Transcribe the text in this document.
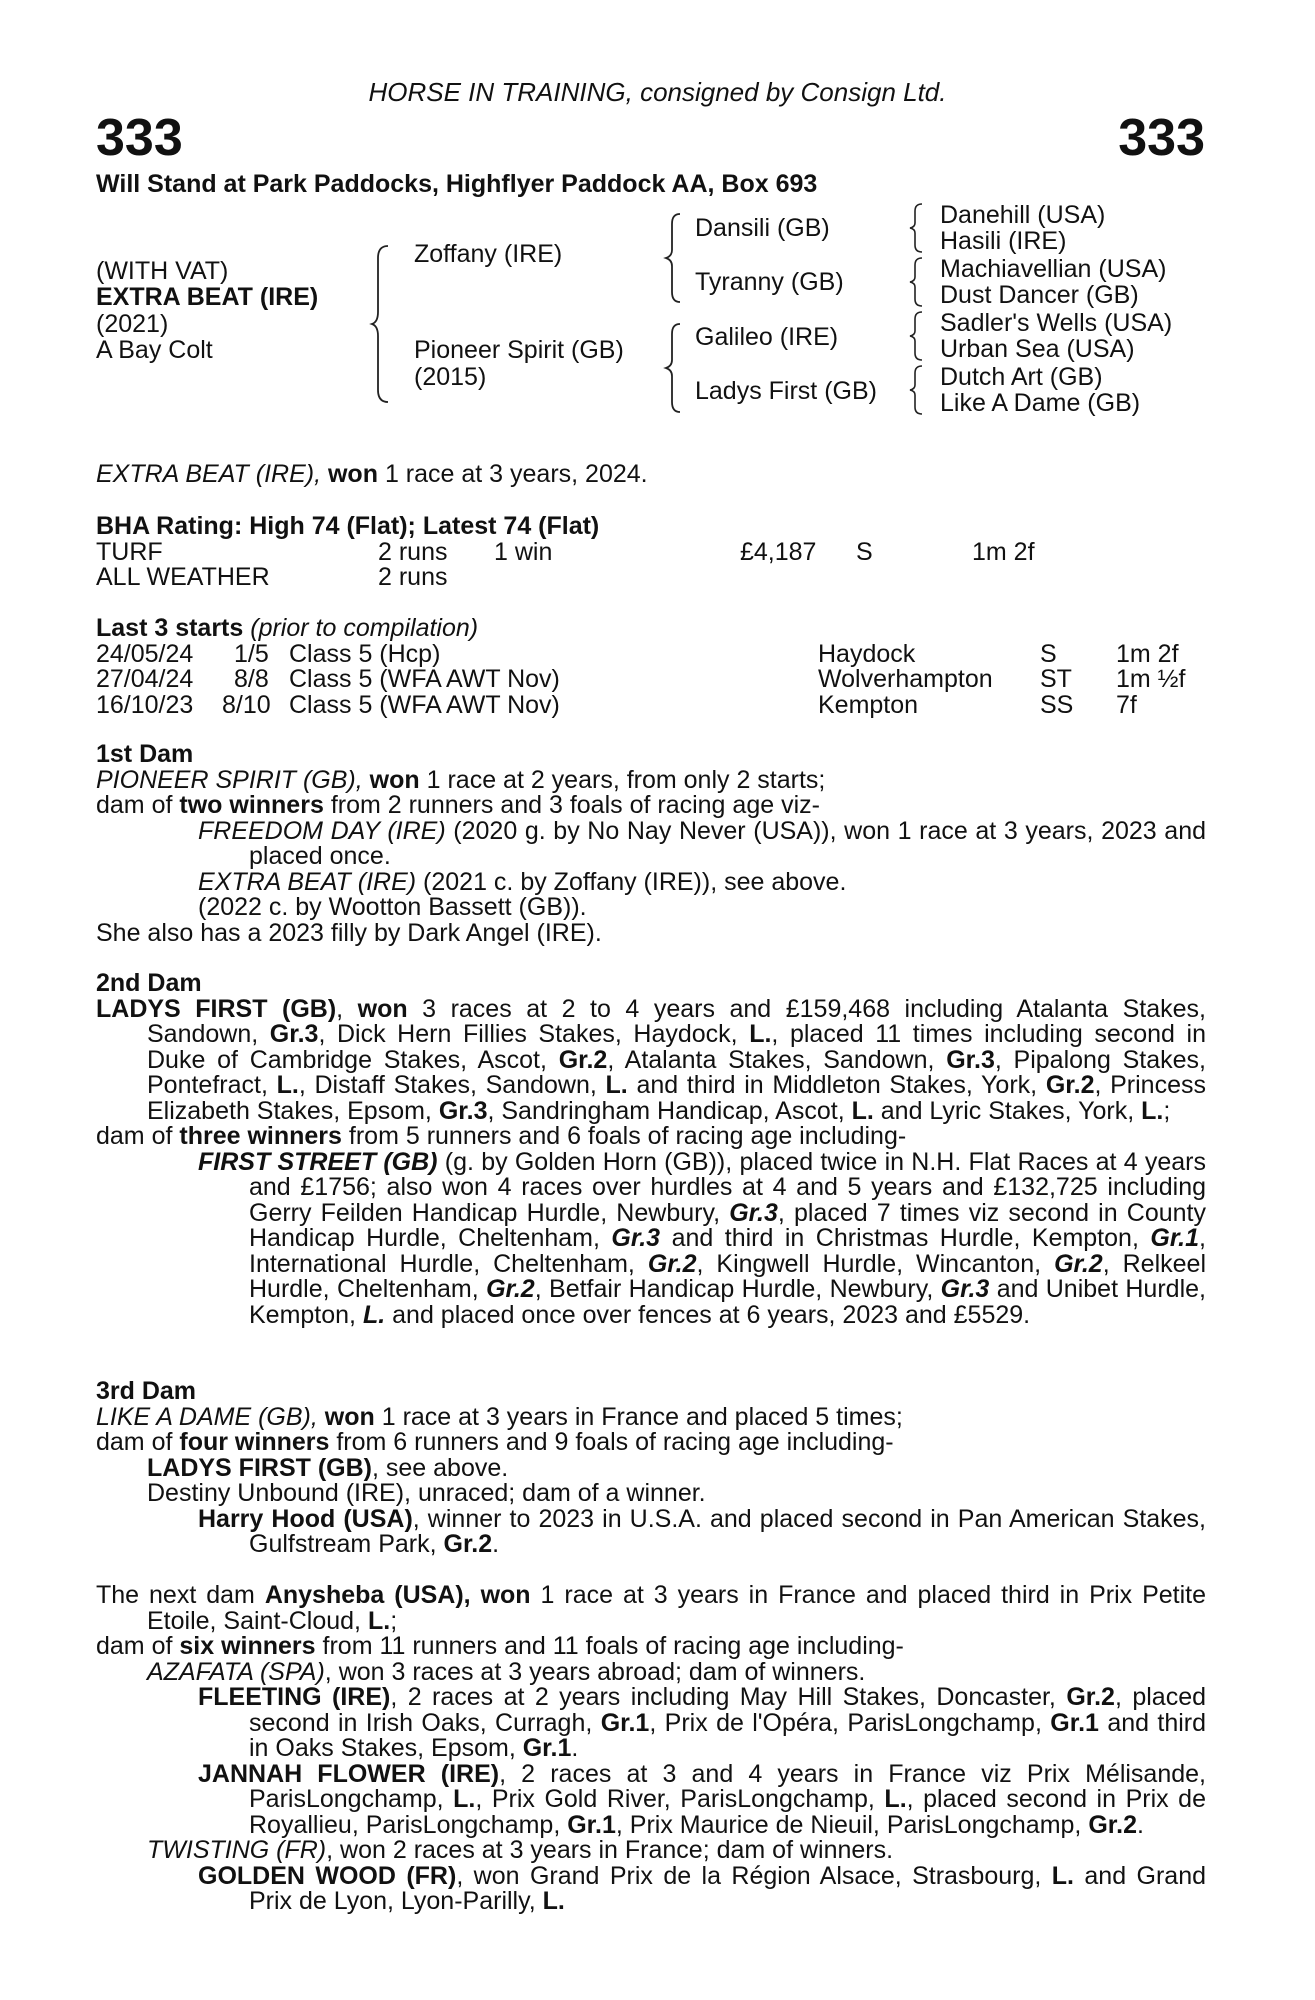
HORSE IN TRAINING, consigned by Consign Ltd.
333	333
Will Stand at Park Paddocks, Highflyer Paddock AA, Box 693
(WITH VAT)
EXTRA BEAT (IRE)
(2021)
A Bay Colt
Zoffany (IRE)
Pioneer Spirit (GB)
(2015)
Dansili (GB)
Tyranny (GB)
Galileo (IRE)
Ladys First (GB)
Danehill (USA)
Hasili (IRE)
Machiavellian (USA)
Dust Dancer (GB)
Sadler's Wells (USA)
Urban Sea (USA)
Dutch Art (GB)
Like A Dame (GB)
EXTRA BEAT (IRE), won 1 race at 3 years, 2024.
BHA Rating: High 74 (Flat); Latest 74 (Flat)
TURF	2 runs 1 win	£4,187 S	1m 2f
ALL WEATHER	2 runs
Last 3 starts (prior to compilation)
24/05/24 1/5 Class 5 (Hcp)	Haydock	S 1m 2f
27/04/24 8/8 Class 5 (WFA AWT Nov)	Wolverhampton ST 1m ½f
16/10/23 8/10 Class 5 (WFA AWT Nov)	Kempton	SS 7f
1st Dam

PIONEER SPIRIT (GB), won 1 race at 2 years, from only 2 starts;

dam of two winners from 2 runners and 3 foals of racing age viz-

FREEDOM DAY (IRE) (2020 g. by No Nay Never (USA)), won 1 race at 3 years, 2023 and placed once.

EXTRA BEAT (IRE) (2021 c. by Zoffany (IRE)), see above.

(2022 c. by Wootton Bassett (GB)).

She also has a 2023 filly by Dark Angel (IRE).

2nd Dam

LADYS FIRST (GB), won 3 races at 2 to 4 years and £159,468 including Atalanta Stakes, Sandown, Gr.3, Dick Hern Fillies Stakes, Haydock, L., placed 11 times including second in Duke of Cambridge Stakes, Ascot, Gr.2, Atalanta Stakes, Sandown, Gr.3, Pipalong Stakes, Pontefract, L., Distaff Stakes, Sandown, L. and third in Middleton Stakes, York, Gr.2, Princess Elizabeth Stakes, Epsom, Gr.3, Sandringham Handicap, Ascot, L. and Lyric Stakes, York, L.;

dam of three winners from 5 runners and 6 foals of racing age including-

FIRST STREET (GB) (g. by Golden Horn (GB)), placed twice in N.H. Flat Races at 4 years and £1756; also won 4 races over hurdles at 4 and 5 years and £132,725 including Gerry Feilden Handicap Hurdle, Newbury, Gr.3, placed 7 times viz second in County Handicap Hurdle, Cheltenham, Gr.3 and third in Christmas Hurdle, Kempton, Gr.1, International Hurdle, Cheltenham, Gr.2, Kingwell Hurdle, Wincanton, Gr.2, Relkeel Hurdle, Cheltenham, Gr.2, Betfair Handicap Hurdle, Newbury, Gr.3 and Unibet Hurdle, Kempton, L. and placed once over fences at 6 years, 2023 and £5529.

3rd Dam

LIKE A DAME (GB), won 1 race at 3 years in France and placed 5 times;

dam of four winners from 6 runners and 9 foals of racing age including-

LADYS FIRST (GB), see above.

Destiny Unbound (IRE), unraced; dam of a winner.

Harry Hood (USA), winner to 2023 in U.S.A. and placed second in Pan American Stakes, Gulfstream Park, Gr.2.

The next dam Anysheba (USA), won 1 race at 3 years in France and placed third in Prix Petite Etoile, Saint-Cloud, L.;

dam of six winners from 11 runners and 11 foals of racing age including-

AZAFATA (SPA), won 3 races at 3 years abroad; dam of winners.

FLEETING (IRE), 2 races at 2 years including May Hill Stakes, Doncaster, Gr.2, placed second in Irish Oaks, Curragh, Gr.1, Prix de l'Opéra, ParisLongchamp, Gr.1 and third in Oaks Stakes, Epsom, Gr.1.

JANNAH FLOWER (IRE), 2 races at 3 and 4 years in France viz Prix Mélisande, ParisLongchamp, L., Prix Gold River, ParisLongchamp, L., placed second in Prix de Royallieu, ParisLongchamp, Gr.1, Prix Maurice de Nieuil, ParisLongchamp, Gr.2.

TWISTING (FR), won 2 races at 3 years in France; dam of winners.

GOLDEN WOOD (FR), won Grand Prix de la Région Alsace, Strasbourg, L. and Grand Prix de Lyon, Lyon-Parilly, L.
